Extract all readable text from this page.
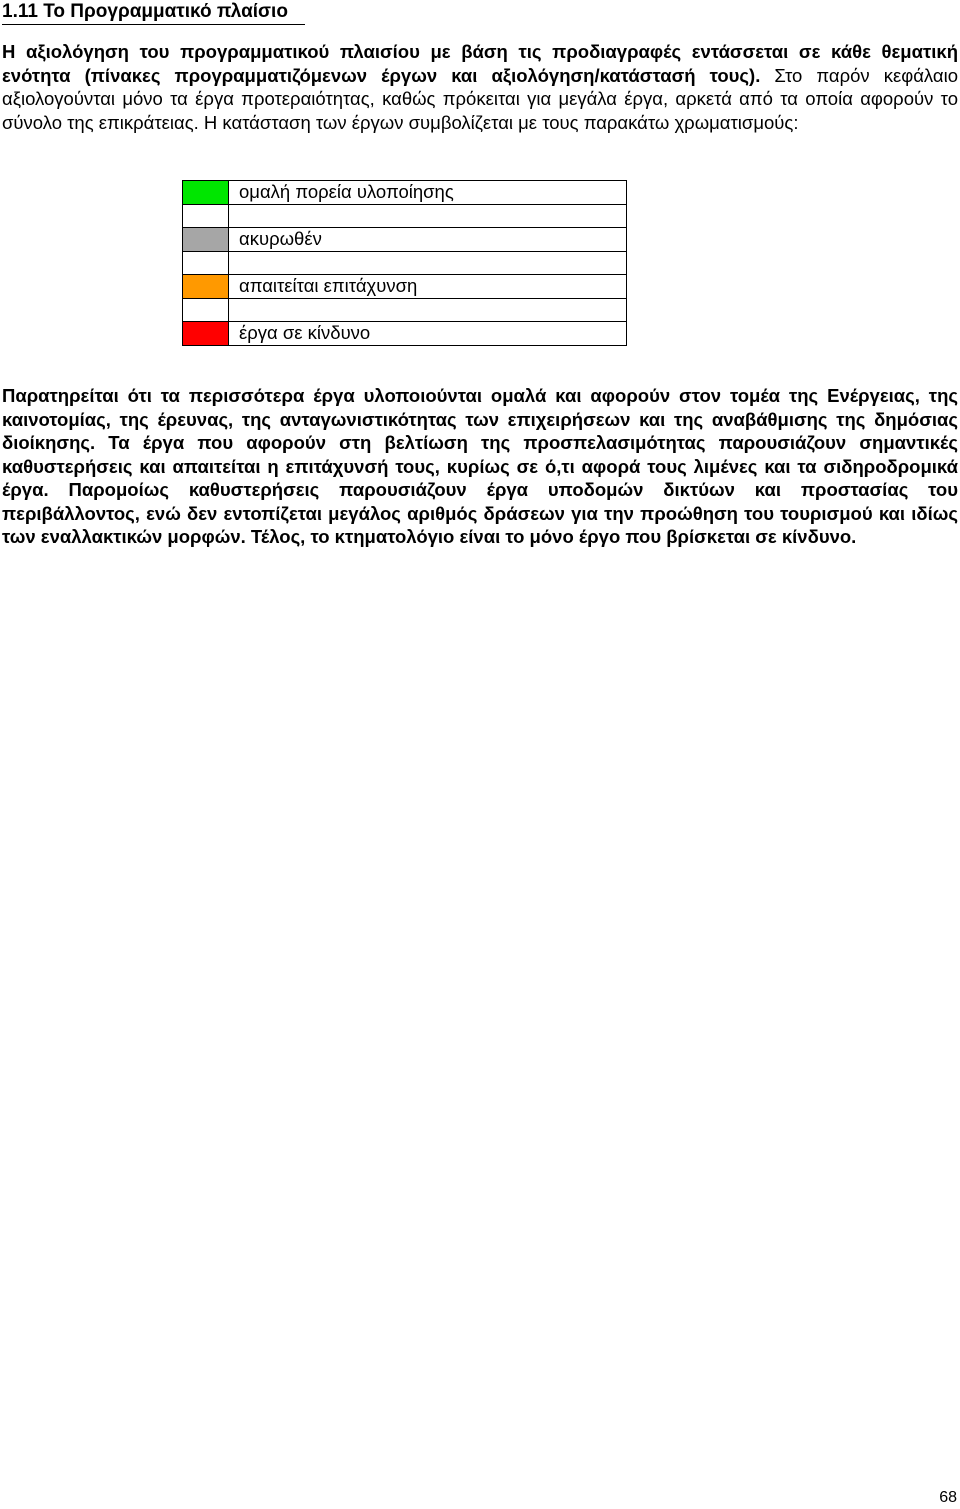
1.11 Το Προγραμματικό πλαίσιο

Η αξιολόγηση του προγραμματικού πλαισίου με βάση τις προδιαγραφές εντάσσεται σε κάθε θεματική ενότητα (πίνακες προγραμματιζόμενων έργων και αξιολόγηση/κατάστασή τους). Στο παρόν κεφάλαιο αξιολογούνται μόνο τα έργα προτεραιότητας, καθώς πρόκειται για μεγάλα έργα, αρκετά από τα οποία αφορούν το σύνολο της επικράτειας. Η κατάσταση των έργων συμβολίζεται με τους παρακάτω χρωματισμούς:

	ομαλή πορεία υλοποίησης

	ακυρωθέν

	απαιτείται επιτάχυνση

	έργα σε κίνδυνο

Παρατηρείται ότι τα περισσότερα έργα υλοποιούνται ομαλά και αφορούν στον τομέα της Ενέργειας, της καινοτομίας, της έρευνας, της ανταγωνιστικότητας των επιχειρήσεων και της αναβάθμισης της δημόσιας διοίκησης. Τα έργα που αφορούν στη βελτίωση της προσπελασιμότητας παρουσιάζουν σημαντικές καθυστερήσεις και απαιτείται η επιτάχυνσή τους, κυρίως σε ό,τι αφορά τους λιμένες και τα σιδηροδρομικά έργα. Παρομοίως καθυστερήσεις παρουσιάζουν έργα υποδομών δικτύων και προστασίας του περιβάλλοντος, ενώ δεν εντοπίζεται μεγάλος αριθμός δράσεων για την προώθηση του τουρισμού και ιδίως των εναλλακτικών μορφών. Τέλος, το κτηματολόγιο είναι το μόνο έργο που βρίσκεται σε κίνδυνο.

68
